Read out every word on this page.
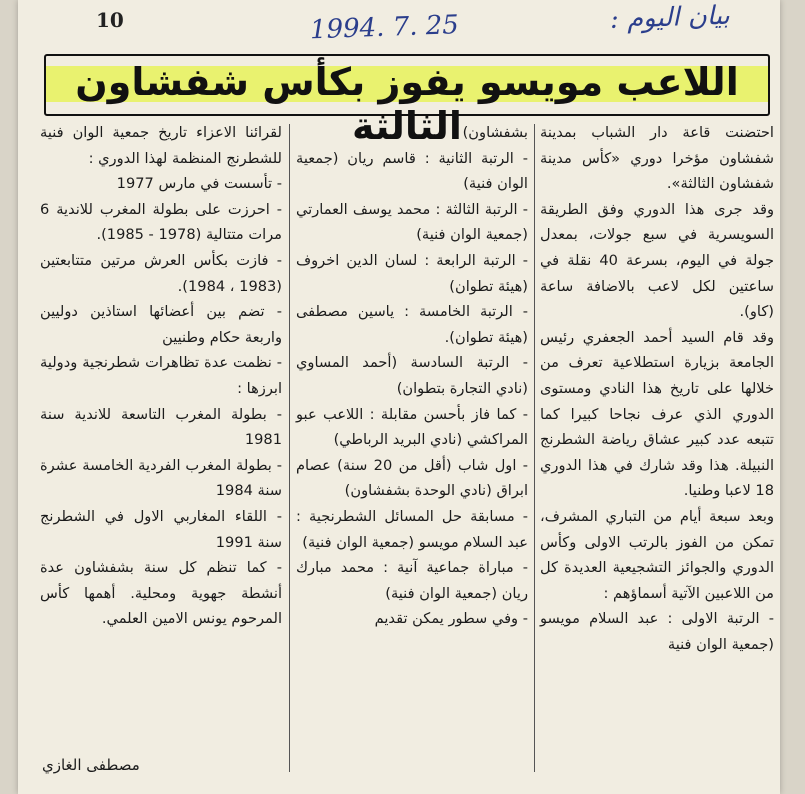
10	بيان اليوم :
1994. 7. 25
اللاعب مويسو يفوز بكأس شفشاون الثالثة	احتضنت قاعة دار الشباب بمدينة شفشاون مؤخرا دوري «كأس مدينة شفشاون الثالثة».

وقد جرى هذا الدوري وفق الطريقة السويسرية في سبع جولات، بمعدل جولة في اليوم، بسرعة 40 نقلة في ساعتين لكل لاعب بالاضافة ساعة (كاو).

وقد قام السيد أحمد الجعفري رئيس الجامعة بزيارة استطلاعية تعرف من خلالها على تاريخ هذا النادي ومستوى الدوري الذي عرف نجاحا كبيرا كما تتبعه عدد كبير عشاق رياضة الشطرنج النبيلة. هذا وقد شارك في هذا الدوري 18 لاعبا وطنيا.

وبعد سبعة أيام من التباري المشرف، تمكن من الفوز بالرتب الاولى وكأس الدوري والجوائز التشجيعية العديدة كل من اللاعبين الآتية أسماؤهم :

- الرتبة الاولى : عبد السلام مويسو (جمعية الوان فنية

بشفشاون)

- الرتبة الثانية : قاسم ريان (جمعية الوان فنية)

- الرتبة الثالثة : محمد يوسف العمارتي (جمعية الوان فنية)

- الرتبة الرابعة : لسان الدين اخروف (هيئة تطوان)

- الرتبة الخامسة : ياسين مصطفى (هيئة تطوان).

- الرتبة السادسة (أحمد المساوي (نادي التجارة بتطوان)

- كما فاز بأحسن مقابلة : اللاعب عبو المراكشي (نادي البريد الرباطي)

- اول شاب (أقل من 20 سنة) عصام ابراق (نادي الوحدة بشفشاون)

- مسابقة حل المسائل الشطرنجية : عبد السلام مويسو (جمعية الوان فنية)

- مباراة جماعية آنية : محمد مبارك ريان (جمعية الوان فنية)

- وفي سطور يمكن تقديم

لقرائنا الاعزاء تاريخ جمعية الوان فنية للشطرنج المنظمة لهذا الدوري :

- تأسست في مارس 1977

- احرزت على بطولة المغرب للاندية 6 مرات متتالية (1978 - 1985).

- فازت بكأس العرش مرتين متتابعتين (1983 ، 1984).

- تضم بين أعضائها استاذين دوليين واربعة حكام وطنيين

- نظمت عدة تظاهرات شطرنجية ودولية ابرزها :

- بطولة المغرب التاسعة للاندية سنة 1981

- بطولة المغرب الفردية الخامسة عشرة سنة 1984

- اللقاء المغاربي الاول في الشطرنج سنة 1991

- كما تنظم كل سنة بشفشاون عدة أنشطة جهوية ومحلية. أهمها كأس المرحوم يونس الامين العلمي.

مصطفى الغازي
